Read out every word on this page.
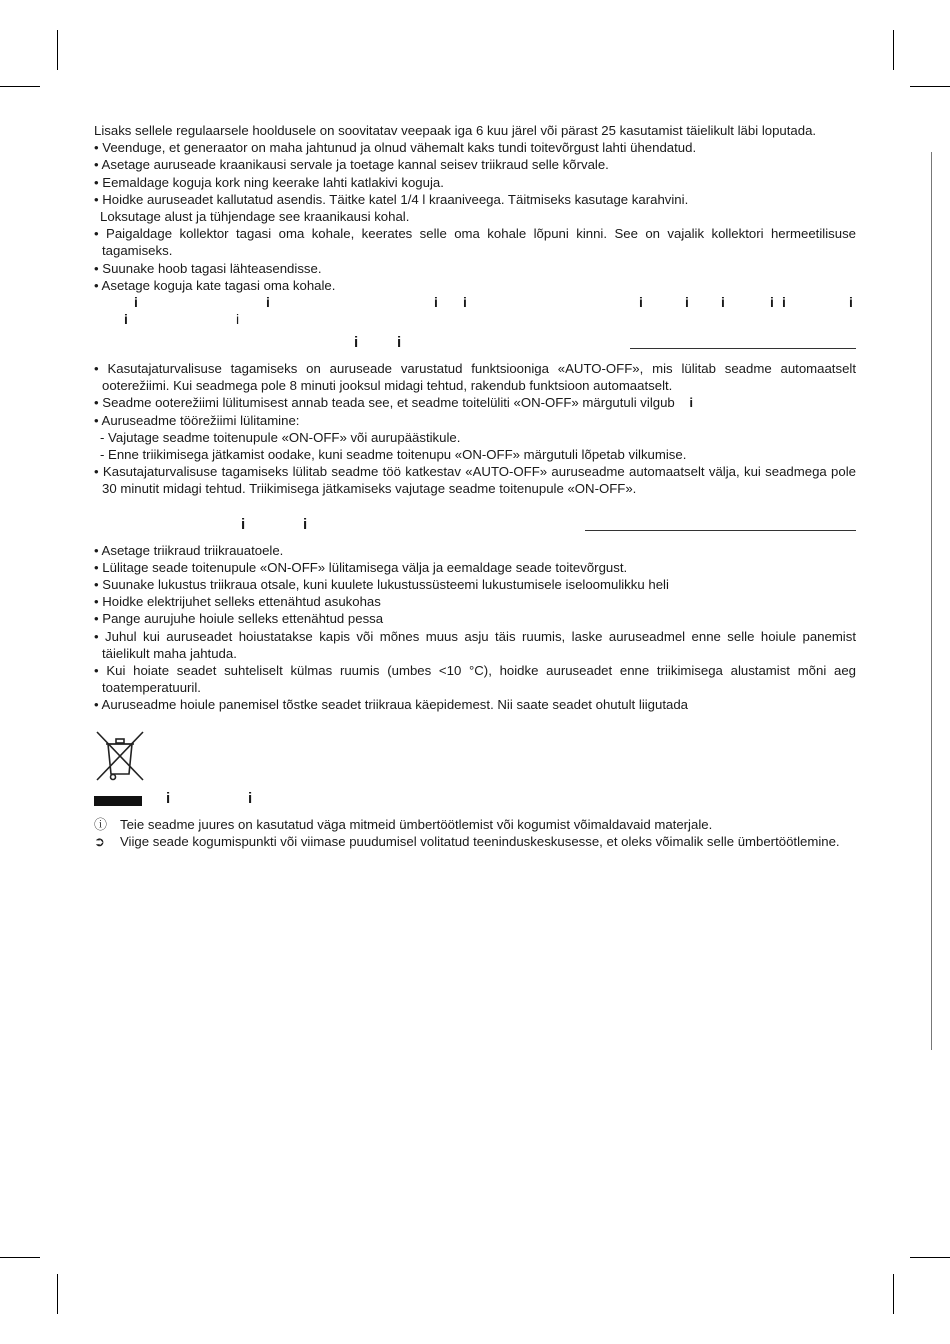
Lisaks sellele regulaarsele hooldusele on soovitatav veepaak iga 6 kuu järel või pärast 25 kasutamist täielikult läbi loputada.

• Veenduge, et generaator on maha jahtunud ja olnud vähemalt kaks tundi toitevõrgust lahti ühendatud.

• Asetage auruseade kraanikausi servale ja toetage kannal seisev triikraud selle kõrvale.

• Eemaldage koguja kork ning keerake lahti katlakivi koguja.

• Hoidke auruseadet kallutatud asendis. Täitke katel 1/4 l kraaniveega. Täitmiseks kasutage karahvini.

Loksutage alust ja tühjendage see kraanikausi kohal.

• Paigaldage kollektor tagasi oma kohale, keerates selle oma kohale lõpuni kinni. See on vajalik kollektori hermeetilisuse tagamiseks.

• Suunake hoob tagasi lähteasendisse.

• Asetage koguja kate tagasi oma kohale.

i	i	i i	i	i i	i i	i
i	i
i	i

• Kasutajaturvalisuse tagamiseks on auruseade varustatud funktsiooniga «AUTO-OFF», mis lülitab seadme automaatselt ooterežiimi. Kui seadmega pole 8 minuti jooksul midagi tehtud, rakendub funktsioon automaatselt.

• Seadme ooterežiimi lülitumisest annab teada see, et seadme toitelüliti «ON-OFF» märgutuli vilgub i

• Auruseadme töörežiimi lülitamine:

- Vajutage seadme toitenupule «ON-OFF» või aurupäästikule.

- Enne triikimisega jätkamist oodake, kuni seadme toitenupu «ON-OFF» märgutuli lõpetab vilkumise.

• Kasutajaturvalisuse tagamiseks lülitab seadme töö katkestav «AUTO-OFF» auruseadme automaatselt välja, kui seadmega pole 30 minutit midagi tehtud. Triikimisega jätkamiseks vajutage seadme toitenupule «ON-OFF».

i	i

• Asetage triikraud triikrauatoele.

• Lülitage seade toitenupule «ON-OFF» lülitamisega välja ja eemaldage seade toitevõrgust.

• Suunake lukustus triikraua otsale, kuni kuulete lukustussüsteemi lukustumisele iseloomulikku heli

• Hoidke elektrijuhet selleks ettenähtud asukohas

• Pange aurujuhe hoiule selleks ettenähtud pessa

• Juhul kui auruseadet hoiustatakse kapis või mõnes muus asju täis ruumis, laske auruseadmel enne selle hoiule panemist täielikult maha jahtuda.

• Kui hoiate seadet suhteliselt külmas ruumis (umbes <10 °C), hoidke auruseadet enne triikimisega alustamist mõni aeg toatemperatuuril.

• Auruseadme hoiule panemisel tõstke seadet triikraua käepidemest. Nii saate seadet ohutult liigutada

i	i
ⓘ Teie seadme juures on kasutatud väga mitmeid ümbertöötlemist või kogumist võimaldavaid materjale.
➲	Viige seade kogumispunkti või viimase puudumisel volitatud teeninduskeskusesse, et oleks võimalik selle ümbertöötlemine.
